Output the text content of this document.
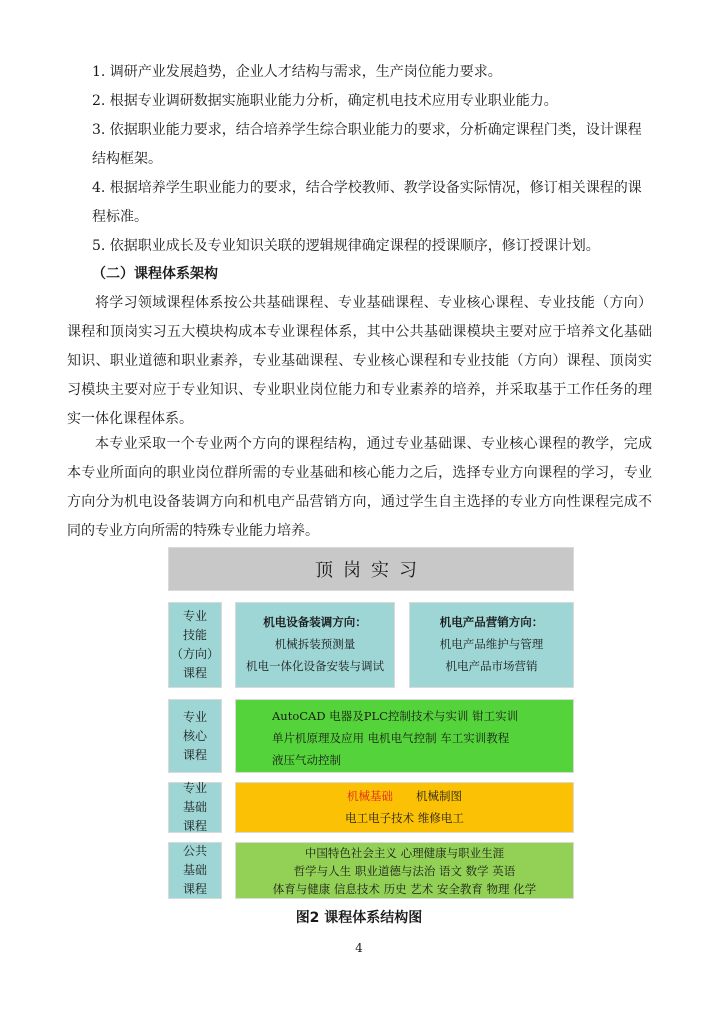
1. 调研产业发展趋势，企业人才结构与需求，生产岗位能力要求。

2. 根据专业调研数据实施职业能力分析，确定机电技术应用专业职业能力。

3. 依据职业能力要求，结合培养学生综合职业能力的要求，分析确定课程门类，设计课程结构框架。

4. 根据培养学生职业能力的要求，结合学校教师、教学设备实际情况，修订相关课程的课程标准。

5. 依据职业成长及专业知识关联的逻辑规律确定课程的授课顺序，修订授课计划。

（二）课程体系架构

将学习领域课程体系按公共基础课程、专业基础课程、专业核心课程、专业技能（方向）课程和顶岗实习五大模块构成本专业课程体系，其中公共基础课模块主要对应于培养文化基础知识、职业道德和职业素养，专业基础课程、专业核心课程和专业技能（方向）课程、顶岗实习模块主要对应于专业知识、专业职业岗位能力和专业素养的培养，并采取基于工作任务的理实一体化课程体系。

本专业采取一个专业两个方向的课程结构，通过专业基础课、专业核心课程的教学，完成本专业所面向的职业岗位群所需的专业基础和核心能力之后，选择专业方向课程的学习，专业方向分为机电设备装调方向和机电产品营销方向，通过学生自主选择的专业方向性课程完成不同的专业方向所需的特殊专业能力培养。

顶岗实习
专业
技能
（方向）
课程
机电设备装调方向：
机械拆装预测量
机电一体化设备安装与调试
机电产品营销方向：
机电产品维护与管理
机电产品市场营销
专业
核心
课程
AutoCAD 电器及PLC控制技术与实训 钳工实训
单片机原理及应用 电机电气控制 车工实训教程
液压气动控制
专业
基础
课程
机械基础   机械制图
电工电子技术 维修电工
公共
基础
课程
中国特色社会主义 心理健康与职业生涯
哲学与人生 职业道德与法治 语文 数学 英语
体育与健康 信息技术 历史 艺术 安全教育 物理 化学
图2 课程体系结构图
4
